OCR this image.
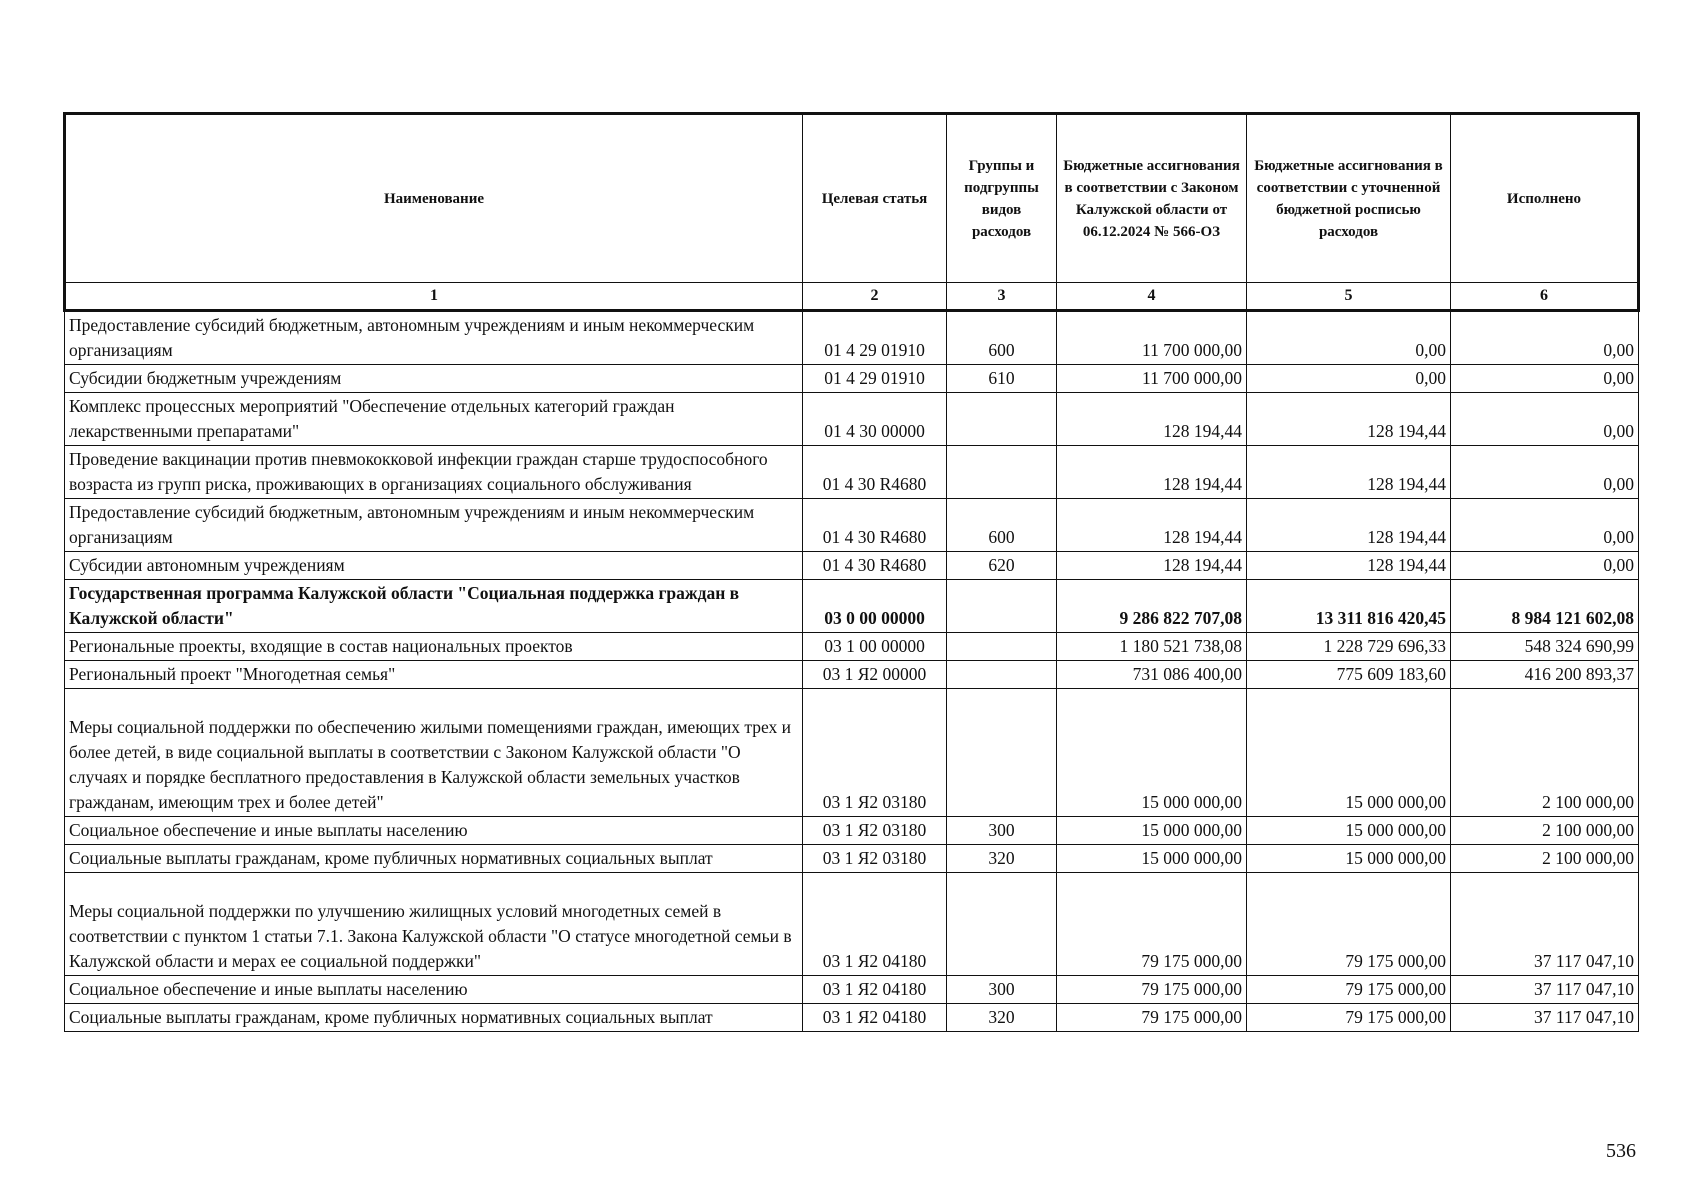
Наименование	Целевая статья	Группы и подгруппы видов расходов	Бюджетные ассигнования в соответствии с Законом Калужской области от 06.12.2024 № 566-ОЗ	Бюджетные ассигнования в соответствии с уточненной бюджетной росписью расходов	Исполнено
1	2	3	4	5	6
Предоставление субсидий бюджетным, автономным учреждениям и иным некоммерческим организациям	01 4 29 01910	600	11 700 000,00	0,00	0,00
Субсидии бюджетным учреждениям	01 4 29 01910	610	11 700 000,00	0,00	0,00
Комплекс процессных мероприятий "Обеспечение отдельных категорий граждан лекарственными препаратами"	01 4 30 00000		128 194,44	128 194,44	0,00
Проведение вакцинации против пневмококковой инфекции граждан старше трудоспособного возраста из групп риска, проживающих в организациях социального обслуживания	01 4 30 R4680		128 194,44	128 194,44	0,00
Предоставление субсидий бюджетным, автономным учреждениям и иным некоммерческим организациям	01 4 30 R4680	600	128 194,44	128 194,44	0,00
Субсидии автономным учреждениям	01 4 30 R4680	620	128 194,44	128 194,44	0,00
Государственная программа Калужской области "Социальная поддержка граждан в Калужской области"	03 0 00 00000		9 286 822 707,08	13 311 816 420,45	8 984 121 602,08
Региональные проекты, входящие в состав национальных проектов	03 1 00 00000		1 180 521 738,08	1 228 729 696,33	548 324 690,99
Региональный проект "Многодетная семья"	03 1 Я2 00000		731 086 400,00	775 609 183,60	416 200 893,37
Меры социальной поддержки по обеспечению жилыми помещениями граждан, имеющих трех и более детей, в виде социальной выплаты в соответствии с Законом Калужской области "О случаях и порядке бесплатного предоставления в Калужской области земельных участков гражданам, имеющим трех и более детей"	03 1 Я2 03180		15 000 000,00	15 000 000,00	2 100 000,00
Социальное обеспечение и иные выплаты населению	03 1 Я2 03180	300	15 000 000,00	15 000 000,00	2 100 000,00
Социальные выплаты гражданам, кроме публичных нормативных социальных выплат	03 1 Я2 03180	320	15 000 000,00	15 000 000,00	2 100 000,00
Меры социальной поддержки по улучшению жилищных условий многодетных семей в соответствии с пунктом 1 статьи 7.1. Закона Калужской области "О статусе многодетной семьи в Калужской области и мерах ее социальной поддержки"	03 1 Я2 04180		79 175 000,00	79 175 000,00	37 117 047,10
Социальное обеспечение и иные выплаты населению	03 1 Я2 04180	300	79 175 000,00	79 175 000,00	37 117 047,10
Социальные выплаты гражданам, кроме публичных нормативных социальных выплат	03 1 Я2 04180	320	79 175 000,00	79 175 000,00	37 117 047,10
536
